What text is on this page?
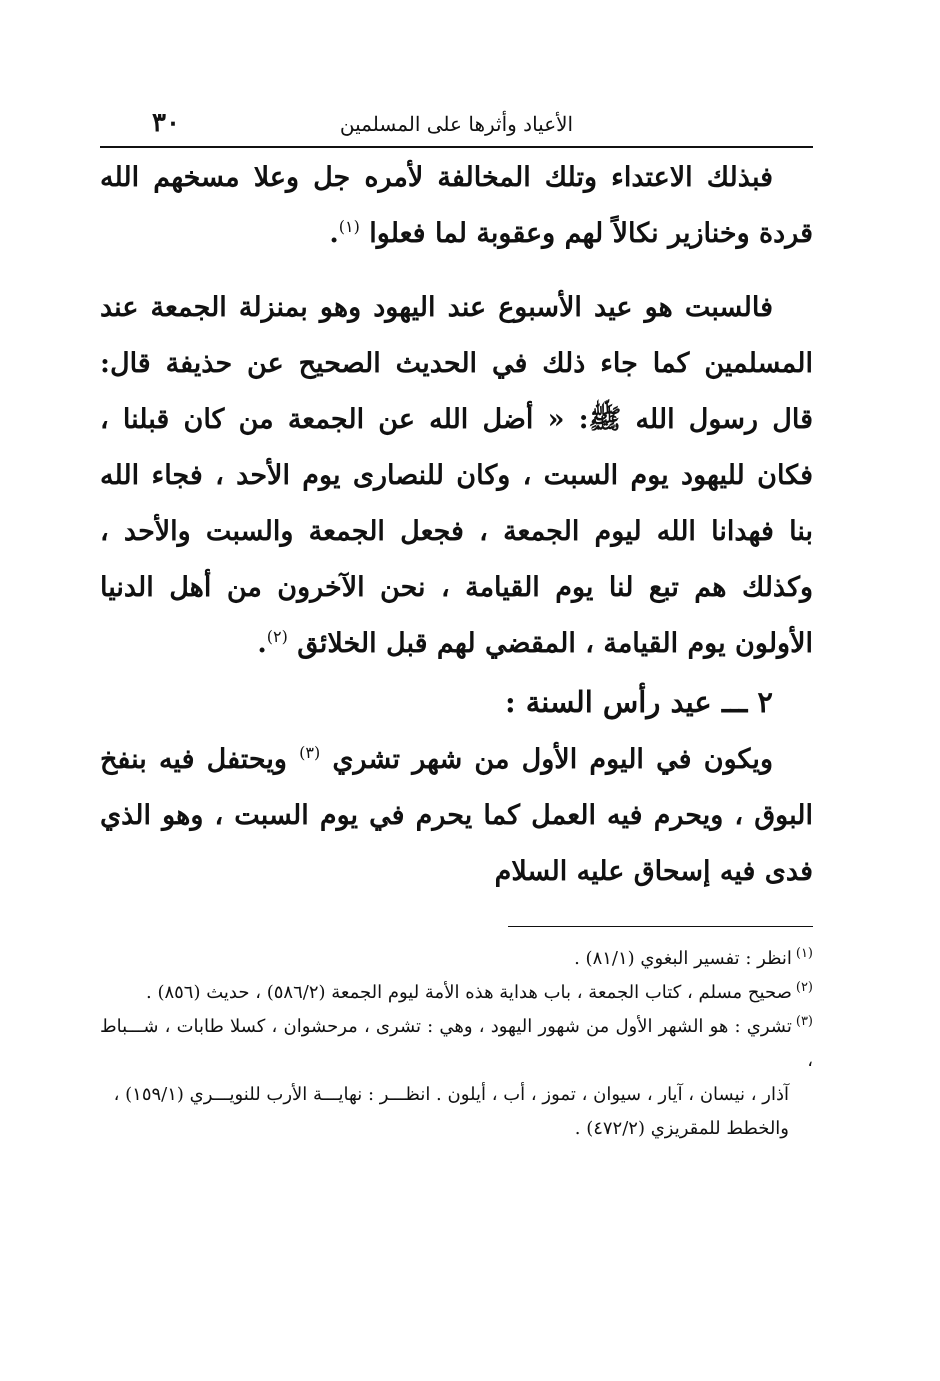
الأعياد وأثرها على المسلمين
٣٠

فبذلك الاعتداء وتلك المخالفة لأمره جل وعلا مسخهم الله قردة وخنازير نكالاً لهم وعقوبة لما فعلوا $^{(١)}$.

فالسبت هو عيد الأسبوع عند اليهود وهو بمنزلة الجمعة عند المسلمين كما جاء ذلك في الحديث الصحيح عن حذيفة قال: قال رسول الله ﷺ: « أضل الله عن الجمعة من كان قبلنا ، فكان لليهود يوم السبت ، وكان للنصارى يوم الأحد ، فجاء الله بنا فهدانا الله ليوم الجمعة ، فجعل الجمعة والسبت والأحد ، وكذلك هم تبع لنا يوم القيامة ، نحن الآخرون من أهل الدنيا الأولون يوم القيامة ، المقضي لهم قبل الخلائق $^{(٢)}$.

٢ ـــ عيد رأس السنة :

ويكون في اليوم الأول من شهر تشري $^{(٣)}$ ويحتفل فيه بنفخ البوق ، ويحرم فيه العمل كما يحرم في يوم السبت ، وهو الذي فدى فيه إسحاق عليه السلام

$^{(١)}$انظر : تفسير البغوي (٨١/١) .

$^{(٢)}$صحيح مسلم ، كتاب الجمعة ، باب هداية هذه الأمة ليوم الجمعة (٥٨٦/٢) ، حديث (٨٥٦) .

$^{(٣)}$تشري : هو الشهر الأول من شهور اليهود ، وهي : تشرى ، مرحشوان ، كسلا طابات ، شـــباط ،

آذار ، نيسان ، آيار ، سيوان ، تموز ، أب ، أيلون . انظـــر : نهايـــة الأرب للنويـــري (١٥٩/١) ،

والخطط للمقريزي (٤٧٢/٢) .
